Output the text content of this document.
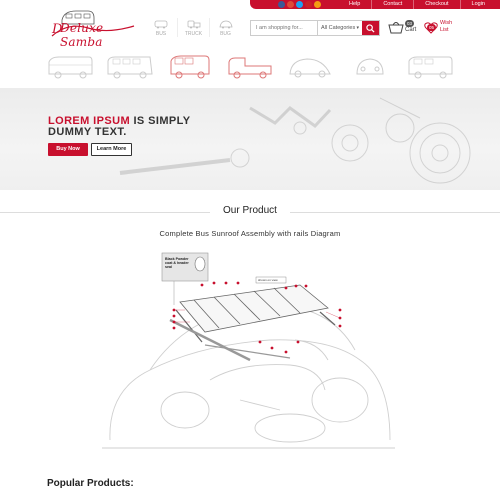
Help	Contact	Checkout	Login
D
Deluxe Samba
BUS	TRUCK	BUG
I am shopping for...
All Categories ▾
03
Cart	05
Wish List
LOREM IPSUM IS SIMPLY
DUMMY TEXT.
Buy Now	Learn More
Our Product
Complete Bus Sunroof Assembly with rails Diagram
Black Powder coat & header seal
shown on view
Popular Products:
